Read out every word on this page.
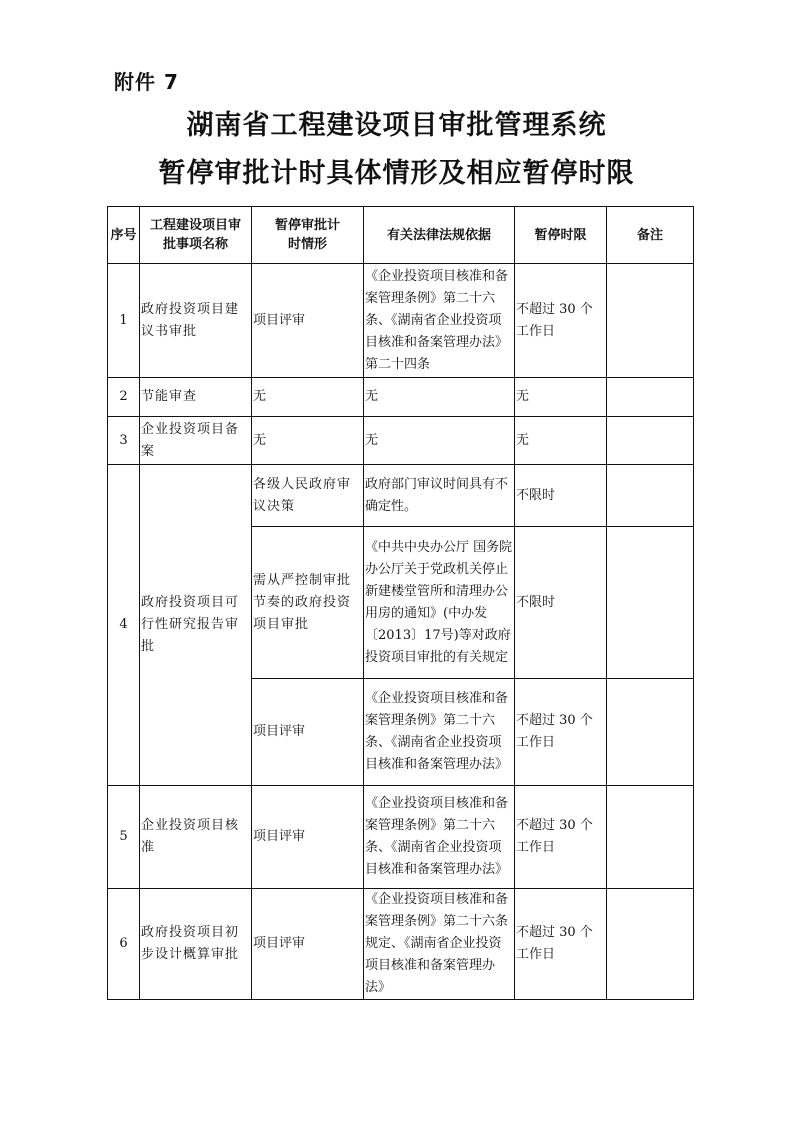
附件 7
湖南省工程建设项目审批管理系统
暂停审批计时具体情形及相应暂停时限
序号	工程建设项目审批事项名称	暂停审批计时情形	有关法律法规依据	暂停时限	备注
1	政府投资项目建议书审批	项目评审	《企业投资项目核准和备案管理条例》第二十六条、《湖南省企业投资项目核准和备案管理办法》第二十四条	不超过 30 个工作日	
2	节能审查	无	无	无	
3	企业投资项目备案	无	无	无	
4	政府投资项目可行性研究报告审批	各级人民政府审议决策	政府部门审议时间具有不确定性。	不限时	
		需从严控制审批节奏的政府投资项目审批	《中共中央办公厅 国务院办公厅关于党政机关停止新建楼堂管所和清理办公用房的通知》(中办发〔2013〕17号)等对政府投资项目审批的有关规定	不限时	
		项目评审	《企业投资项目核准和备案管理条例》第二十六条、《湖南省企业投资项目核准和备案管理办法》	不超过 30 个工作日	
5	企业投资项目核准	项目评审	《企业投资项目核准和备案管理条例》第二十六条、《湖南省企业投资项目核准和备案管理办法》	不超过 30 个工作日	
6	政府投资项目初步设计概算审批	项目评审	《企业投资项目核准和备案管理条例》第二十六条规定、《湖南省企业投资项目核准和备案管理办法》	不超过 30 个工作日	
